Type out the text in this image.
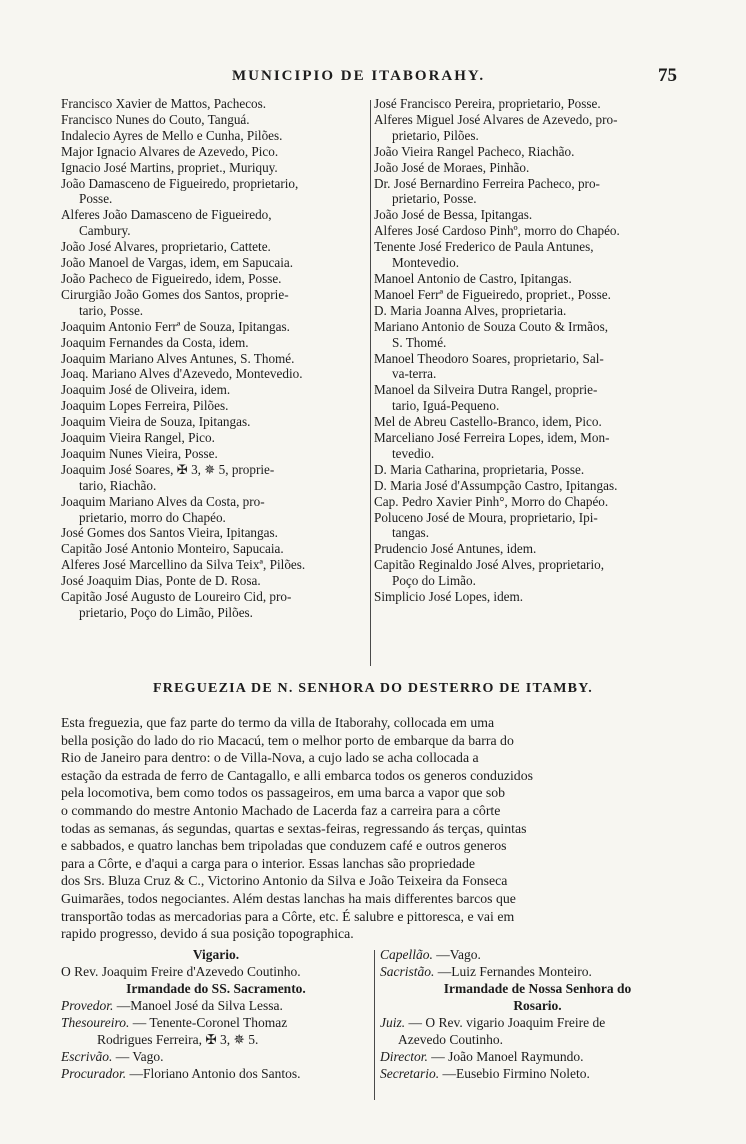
MUNICIPIO DE ITABORAHY.	75
Francisco Xavier de Mattos, Pachecos.
Francisco Nunes do Couto, Tanguá.
Indalecio Ayres de Mello e Cunha, Pilões.
Major Ignacio Alvares de Azevedo, Pico.
Ignacio José Martins, propriet., Muriquy.
João Damasceno de Figueiredo, proprietario,
Posse.
Alferes João Damasceno de Figueiredo,
Cambury.
João José Alvares, proprietario, Cattete.
João Manoel de Vargas, idem, em Sapucaia.
João Pacheco de Figueiredo, idem, Posse.
Cirurgião João Gomes dos Santos, proprie-
tario, Posse.
Joaquim Antonio Ferrª de Souza, Ipitangas.
Joaquim Fernandes da Costa, idem.
Joaquim Mariano Alves Antunes, S. Thomé.
Joaq. Mariano Alves d'Azevedo, Montevedio.
Joaquim José de Oliveira, idem.
Joaquim Lopes Ferreira, Pilões.
Joaquim Vieira de Souza, Ipitangas.
Joaquim Vieira Rangel, Pico.
Joaquim Nunes Vieira, Posse.
Joaquim José Soares, ✠ 3, ✵ 5, proprie-
tario, Riachão.
Joaquim Mariano Alves da Costa, pro-
prietario, morro do Chapéo.
José Gomes dos Santos Vieira, Ipitangas.
Capitão José Antonio Monteiro, Sapucaia.
Alferes José Marcellino da Silva Teixª, Pilões.
José Joaquim Dias, Ponte de D. Rosa.
Capitão José Augusto de Loureiro Cid, pro-
prietario, Poço do Limão, Pilões.
José Francisco Pereira, proprietario, Posse.
Alferes Miguel José Alvares de Azevedo, pro-
prietario, Pilões.
João Vieira Rangel Pacheco, Riachão.
João José de Moraes, Pinhão.
Dr. José Bernardino Ferreira Pacheco, pro-
prietario, Posse.
João José de Bessa, Ipitangas.
Alferes José Cardoso Pinhº, morro do Chapéo.
Tenente José Frederico de Paula Antunes,
Montevedio.
Manoel Antonio de Castro, Ipitangas.
Manoel Ferrª de Figueiredo, propriet., Posse.
D. Maria Joanna Alves, proprietaria.
Mariano Antonio de Souza Couto & Irmãos,
S. Thomé.
Manoel Theodoro Soares, proprietario, Sal-
va-terra.
Manoel da Silveira Dutra Rangel, proprie-
tario, Iguá-Pequeno.
Mel de Abreu Castello-Branco, idem, Pico.
Marceliano José Ferreira Lopes, idem, Mon-
tevedio.
D. Maria Catharina, proprietaria, Posse.
D. Maria José d'Assumpção Castro, Ipitangas.
Cap. Pedro Xavier Pinh°, Morro do Chapéo.
Poluceno José de Moura, proprietario, Ipi-
tangas.
Prudencio José Antunes, idem.
Capitão Reginaldo José Alves, proprietario,
Poço do Limão.
Simplicio José Lopes, idem.
FREGUEZIA DE N. SENHORA DO DESTERRO DE ITAMBY.
Esta freguezia, que faz parte do termo da villa de Itaborahy, collocada em uma
bella posição do lado do rio Macacú, tem o melhor porto de embarque da barra do
Rio de Janeiro para dentro: o de Villa-Nova, a cujo lado se acha collocada a
estação da estrada de ferro de Cantagallo, e alli embarca todos os generos conduzidos
pela locomotiva, bem como todos os passageiros, em uma barca a vapor que sob
o commando do mestre Antonio Machado de Lacerda faz a carreira para a côrte
todas as semanas, ás segundas, quartas e sextas-feiras, regressando ás terças, quintas
e sabbados, e quatro lanchas bem tripoladas que conduzem café e outros generos
para a Côrte, e d'aqui a carga para o interior. Essas lanchas são propriedade
dos Srs. Bluza Cruz & C., Victorino Antonio da Silva e João Teixeira da Fonseca
Guimarães, todos negociantes. Além destas lanchas ha mais differentes barcos que
transportão todas as mercadorias para a Côrte, etc. É salubre e pittoresca, e vai em
rapido progresso, devido á sua posição topographica.
Vigario.
O Rev. Joaquim Freire d'Azevedo Coutinho.
Irmandade do SS. Sacramento.
Provedor. —Manoel José da Silva Lessa.
Thesoureiro. — Tenente-Coronel Thomaz
Rodrigues Ferreira, ✠ 3, ✵ 5.
Escrivão. — Vago.
Procurador. —Floriano Antonio dos Santos.
Capellão. —Vago.
Sacristão. —Luiz Fernandes Monteiro.
Irmandade de Nossa Senhora do
Rosario.
Juiz. — O Rev. vigario Joaquim Freire de
Azevedo Coutinho.
Director. — João Manoel Raymundo.
Secretario. —Eusebio Firmino Noleto.
